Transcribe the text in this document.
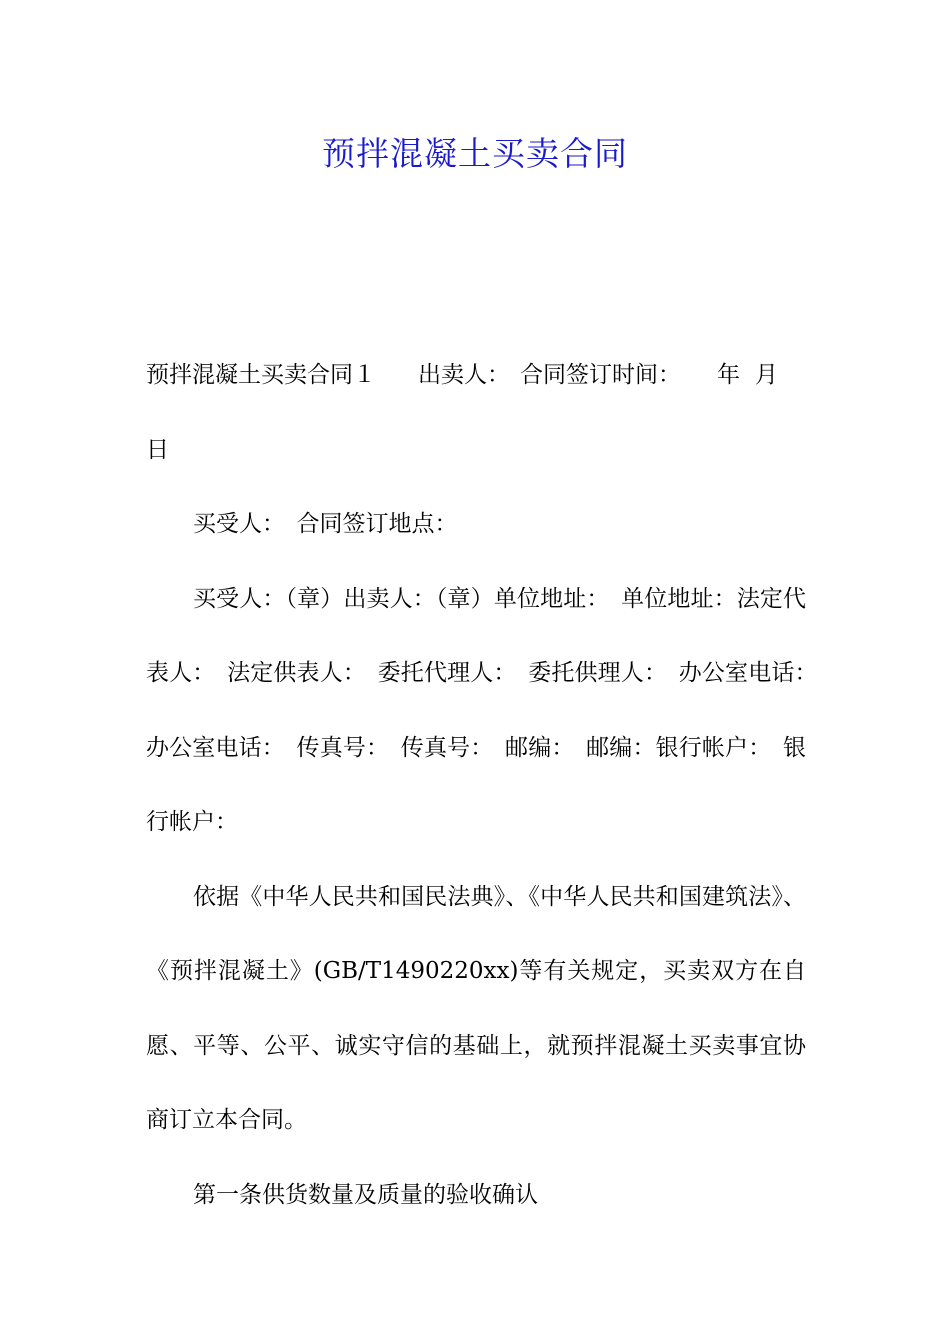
预拌混凝土买卖合同

预拌混凝土买卖合同１ 出卖人： 合同签订时间： 年 月
日

买受人：　合同签订地点：

买受人：（章）出卖人：（章）单位地址：　单位地址：法定代表人：　法定供表人：　委托代理人：　委托供理人：　办公室电话：　办公室电话：　传真号：　传真号：　邮编：　邮编：银行帐户：　银行帐户：

依据《中华人民共和国民法典》、《中华人民共和国建筑法》、《预拌混凝土》(GB/T1490220xx)等有关规定，买卖双方在自愿、平等、公平、诚实守信的基础上，就预拌混凝土买卖事宜协商订立本合同。

第一条供货数量及质量的验收确认
